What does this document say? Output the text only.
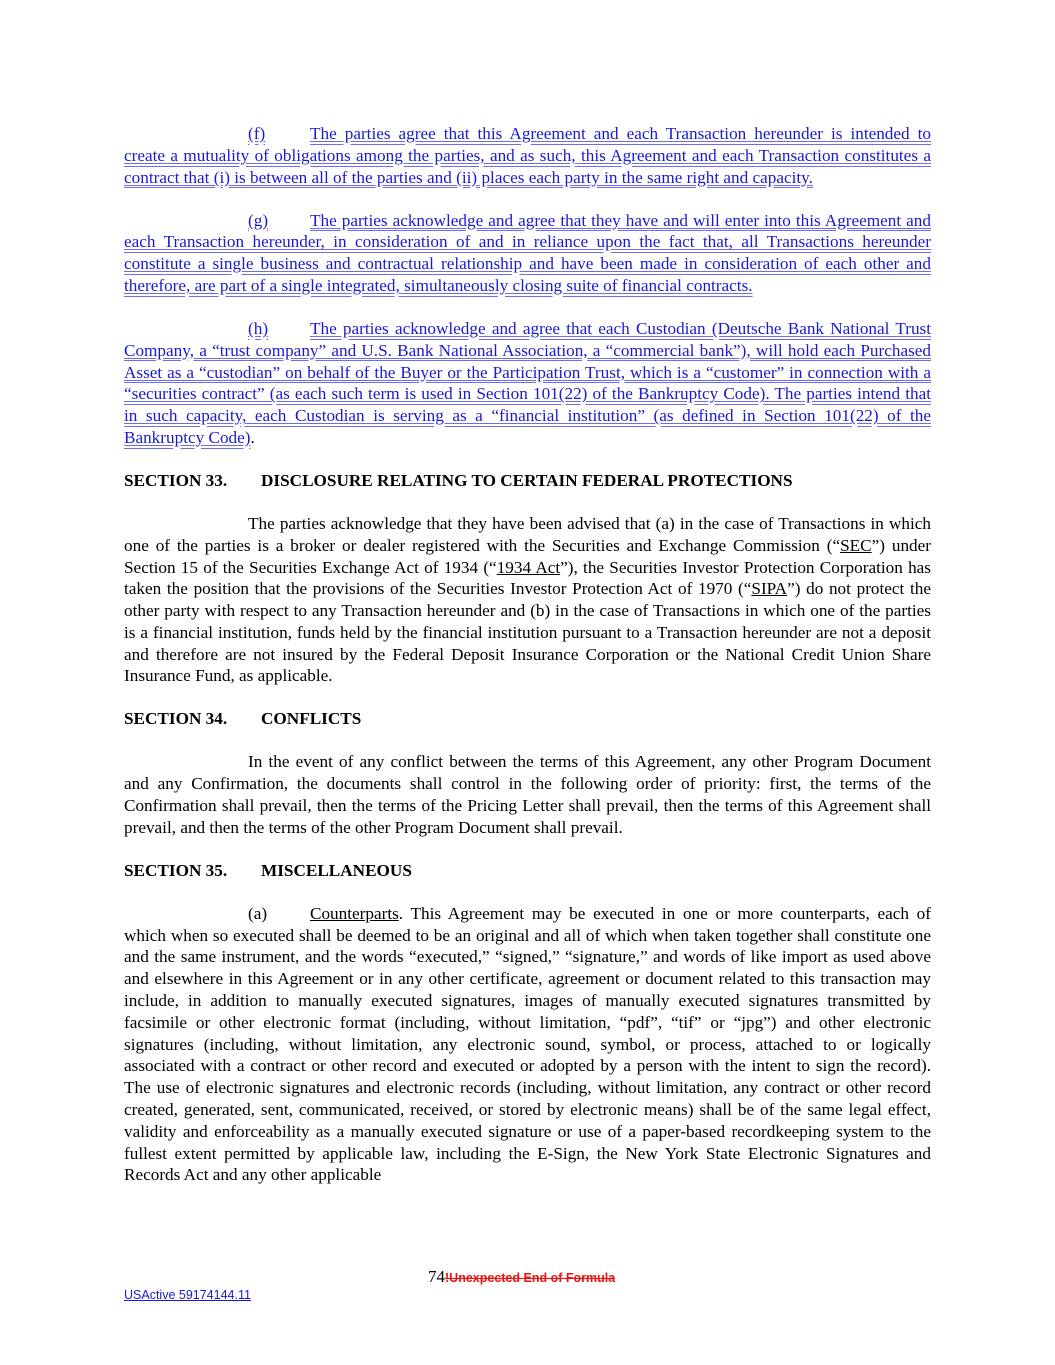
(f)	The parties agree that this Agreement and each Transaction hereunder is intended to create a mutuality of obligations among the parties, and as such, this Agreement and each Transaction constitutes a contract that (i) is between all of the parties and (ii) places each party in the same right and capacity.

(g) The parties acknowledge and agree that they have and will enter into this Agreement and each Transaction hereunder, in consideration of and in reliance upon the fact that, all Transactions hereunder constitute a single business and contractual relationship and have been made in consideration of each other and therefore, are part of a single integrated, simultaneously closing suite of financial contracts.

(h) The parties acknowledge and agree that each Custodian (Deutsche Bank National Trust Company, a “trust company” and U.S. Bank National Association, a “commercial bank”), will hold each Purchased Asset as a “custodian” on behalf of the Buyer or the Participation Trust, which is a “customer” in connection with a “securities contract” (as each such term is used in Section 101(22) of the Bankruptcy Code). The parties intend that in such capacity, each Custodian is serving as a “financial institution” (as defined in Section 101(22) of the Bankruptcy Code).

SECTION 33. DISCLOSURE RELATING TO CERTAIN FEDERAL PROTECTIONS

The parties acknowledge that they have been advised that (a) in the case of Transactions in which one of the parties is a broker or dealer registered with the Securities and Exchange Commission (“SEC”) under Section 15 of the Securities Exchange Act of 1934 (“1934 Act”), the Securities Investor Protection Corporation has taken the position that the provisions of the Securities Investor Protection Act of 1970 (“SIPA”) do not protect the other party with respect to any Transaction hereunder and (b) in the case of Transactions in which one of the parties is a financial institution, funds held by the financial institution pursuant to a Transaction hereunder are not a deposit and therefore are not insured by the Federal Deposit Insurance Corporation or the National Credit Union Share Insurance Fund, as applicable.

SECTION 34. CONFLICTS

In the event of any conflict between the terms of this Agreement, any other Program Document and any Confirmation, the documents shall control in the following order of priority: first, the terms of the Confirmation shall prevail, then the terms of the Pricing Letter shall prevail, then the terms of this Agreement shall prevail, and then the terms of the other Program Document shall prevail.

SECTION 35. MISCELLANEOUS

(a) Counterparts. This Agreement may be executed in one or more counterparts, each of which when so executed shall be deemed to be an original and all of which when taken together shall constitute one and the same instrument, and the words “executed,” “signed,” “signature,” and words of like import as used above and elsewhere in this Agreement or in any other certificate, agreement or document related to this transaction may include, in addition to manually executed signatures, images of manually executed signatures transmitted by facsimile or other electronic format (including, without limitation, “pdf”, “tif” or “jpg”) and other electronic signatures (including, without limitation, any electronic sound, symbol, or process, attached to or logically associated with a contract or other record and executed or adopted by a person with the intent to sign the record). The use of electronic signatures and electronic records (including, without limitation, any contract or other record created, generated, sent, communicated, received, or stored by electronic means) shall be of the same legal effect, validity and enforceability as a manually executed signature or use of a paper-based recordkeeping system to the fullest extent permitted by applicable law, including the E-Sign, the New York State Electronic Signatures and Records Act and any other applicable

74!Unexpected End of Formula
USActive 59174144.11
